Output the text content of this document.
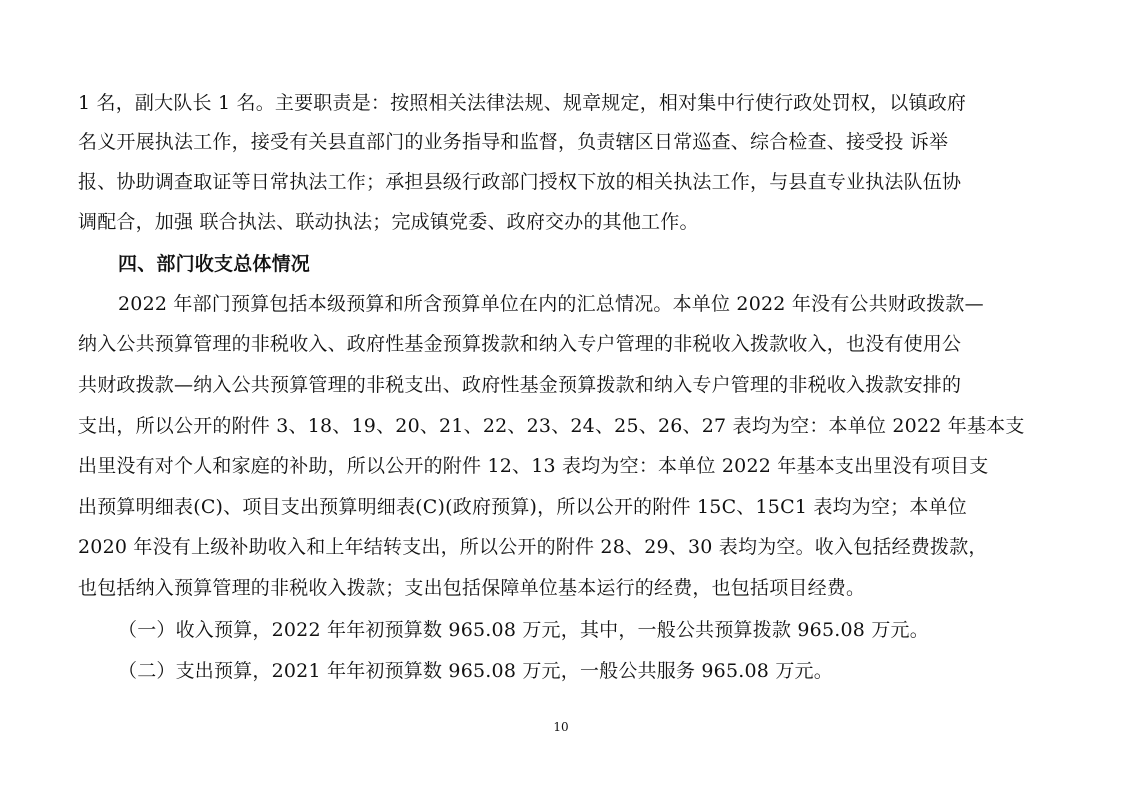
1 名，副大队长 1 名。主要职责是：按照相关法律法规、规章规定，相对集中行使行政处罚权，以镇政府
名义开展执法工作，接受有关县直部门的业务指导和监督，负责辖区日常巡查、综合检查、接受投 诉举
报、协助调查取证等日常执法工作；承担县级行政部门授权下放的相关执法工作，与县直专业执法队伍协
调配合，加强 联合执法、联动执法；完成镇党委、政府交办的其他工作。
四、部门收支总体情况
2022 年部门预算包括本级预算和所含预算单位在内的汇总情况。本单位 2022 年没有公共财政拨款—
纳入公共预算管理的非税收入、政府性基金预算拨款和纳入专户管理的非税收入拨款收入，也没有使用公
共财政拨款—纳入公共预算管理的非税支出、政府性基金预算拨款和纳入专户管理的非税收入拨款安排的
支出，所以公开的附件 3、18、19、20、21、22、23、24、25、26、27 表均为空：本单位 2022 年基本支
出里没有对个人和家庭的补助，所以公开的附件 12、13 表均为空：本单位 2022 年基本支出里没有项目支
出预算明细表(C)、项目支出预算明细表(C)(政府预算)，所以公开的附件 15C、15C1 表均为空；本单位
2020 年没有上级补助收入和上年结转支出，所以公开的附件 28、29、30 表均为空。收入包括经费拨款，
也包括纳入预算管理的非税收入拨款；支出包括保障单位基本运行的经费，也包括项目经费。
（一）收入预算，2022 年年初预算数 965.08 万元，其中，一般公共预算拨款 965.08 万元。
（二）支出预算，2021 年年初预算数 965.08 万元，一般公共服务 965.08 万元。
10
